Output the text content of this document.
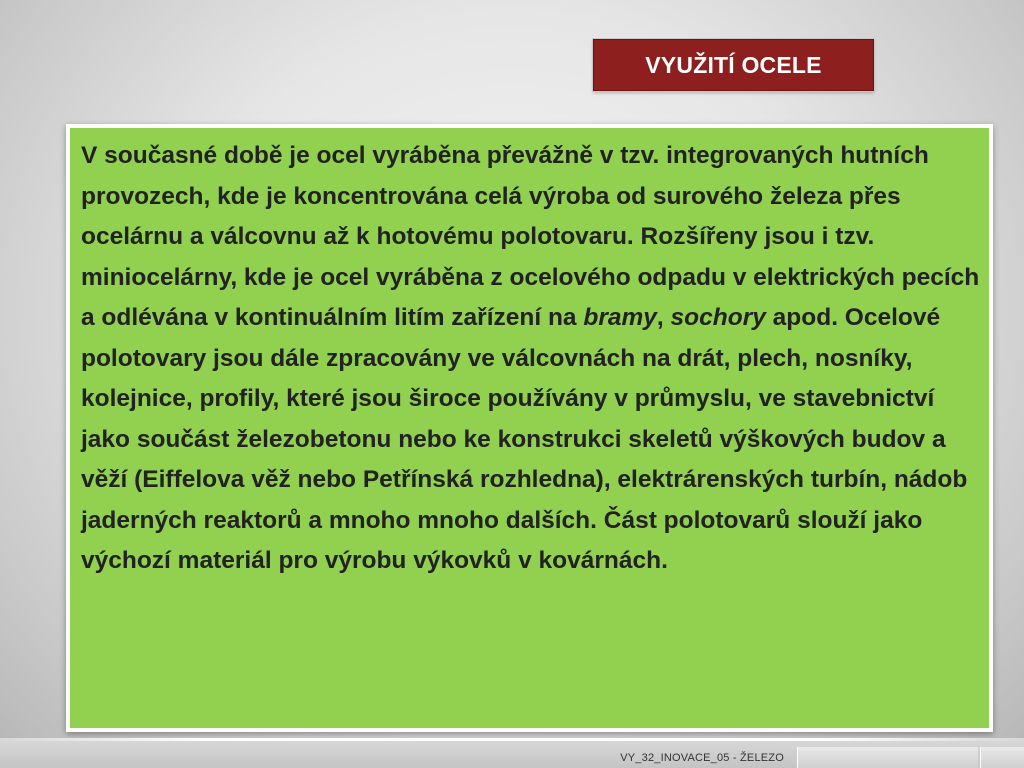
VYUŽITÍ OCELE

V současné době je ocel vyráběna převážně v tzv. integrovaných hutních provozech, kde je koncentrována celá výroba od surového železa přes ocelárnu a válcovnu až k hotovému polotovaru. Rozšířeny jsou i tzv. miniocelárny, kde je ocel vyráběna z ocelového odpadu v elektrických pecích a odlévána v kontinuálním litím zařízení na bramy, sochory apod. Ocelové polotovary jsou dále zpracovány ve válcovnách na drát, plech, nosníky, kolejnice, profily, které jsou široce používány v průmyslu, ve stavebnictví jako součást železobetonu nebo ke konstrukci skeletů výškových budov a věží (Eiffelova věž nebo Petřínská rozhledna), elektrárenských turbín, nádob jaderných reaktorů a mnoho mnoho dalších. Část polotovarů slouží jako výchozí materiál pro výrobu výkovků v kovárnách.

VY_32_INOVACE_05 - ŽELEZO
